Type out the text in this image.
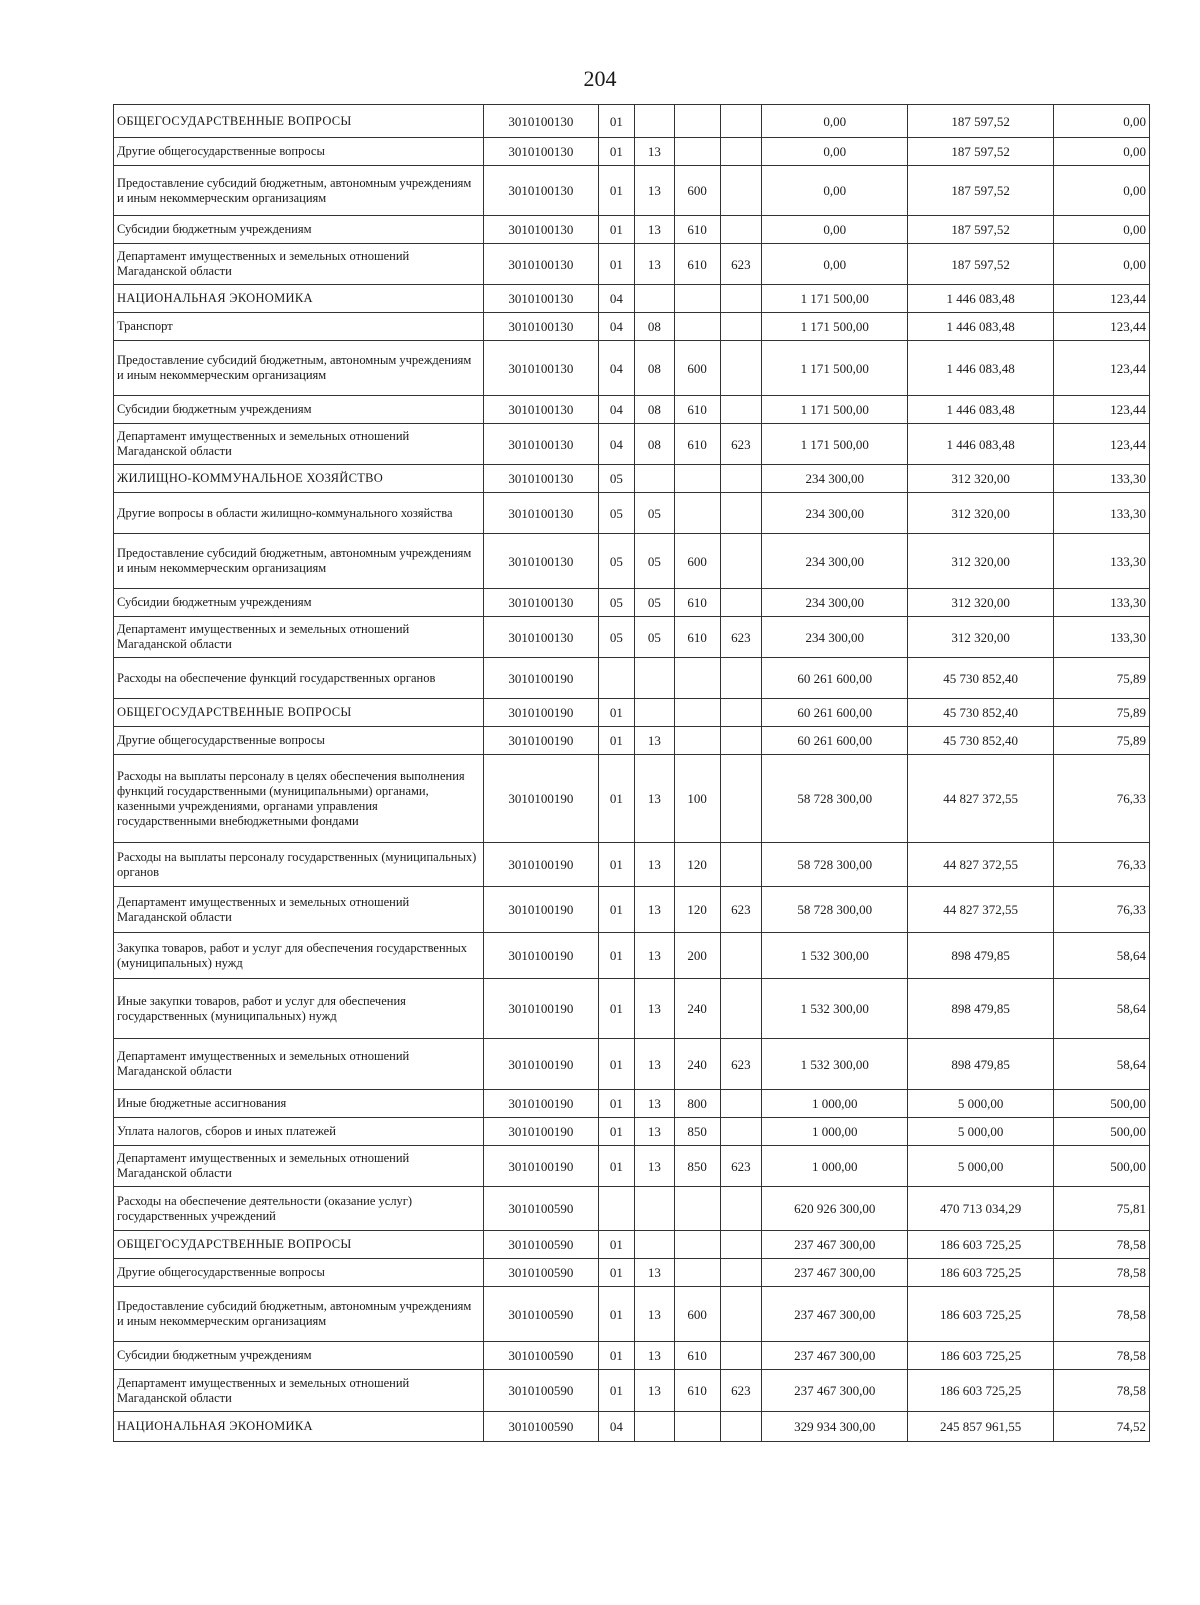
204
ОБЩЕГОСУДАРСТВЕННЫЕ ВОПРОСЫ	3010100130	01				0,00	187 597,52	0,00
Другие общегосударственные вопросы	3010100130	01	13			0,00	187 597,52	0,00
Предоставление субсидий бюджетным, автономным учреждениям и иным некоммерческим организациям	3010100130	01	13	600		0,00	187 597,52	0,00
Субсидии бюджетным учреждениям	3010100130	01	13	610		0,00	187 597,52	0,00
Департамент имущественных и земельных отношений Магаданской области	3010100130	01	13	610	623	0,00	187 597,52	0,00
НАЦИОНАЛЬНАЯ ЭКОНОМИКА	3010100130	04				1 171 500,00	1 446 083,48	123,44
Транспорт	3010100130	04	08			1 171 500,00	1 446 083,48	123,44
Предоставление субсидий бюджетным, автономным учреждениям и иным некоммерческим организациям	3010100130	04	08	600		1 171 500,00	1 446 083,48	123,44
Субсидии бюджетным учреждениям	3010100130	04	08	610		1 171 500,00	1 446 083,48	123,44
Департамент имущественных и земельных отношений Магаданской области	3010100130	04	08	610	623	1 171 500,00	1 446 083,48	123,44
ЖИЛИЩНО-КОММУНАЛЬНОЕ ХОЗЯЙСТВО	3010100130	05				234 300,00	312 320,00	133,30
Другие вопросы в области жилищно-коммунального хозяйства	3010100130	05	05			234 300,00	312 320,00	133,30
Предоставление субсидий бюджетным, автономным учреждениям и иным некоммерческим организациям	3010100130	05	05	600		234 300,00	312 320,00	133,30
Субсидии бюджетным учреждениям	3010100130	05	05	610		234 300,00	312 320,00	133,30
Департамент имущественных и земельных отношений Магаданской области	3010100130	05	05	610	623	234 300,00	312 320,00	133,30
Расходы на обеспечение функций государственных органов	3010100190					60 261 600,00	45 730 852,40	75,89
ОБЩЕГОСУДАРСТВЕННЫЕ ВОПРОСЫ	3010100190	01				60 261 600,00	45 730 852,40	75,89
Другие общегосударственные вопросы	3010100190	01	13			60 261 600,00	45 730 852,40	75,89
Расходы на выплаты персоналу в целях обеспечения выполнения функций государственными (муниципальными) органами, казенными учреждениями, органами управления государственными внебюджетными фондами	3010100190	01	13	100		58 728 300,00	44 827 372,55	76,33
Расходы на выплаты персоналу государственных (муниципальных) органов	3010100190	01	13	120		58 728 300,00	44 827 372,55	76,33
Департамент имущественных и земельных отношений Магаданской области	3010100190	01	13	120	623	58 728 300,00	44 827 372,55	76,33
Закупка товаров, работ и услуг для обеспечения государственных (муниципальных) нужд	3010100190	01	13	200		1 532 300,00	898 479,85	58,64
Иные закупки товаров, работ и услуг для обеспечения государственных (муниципальных) нужд	3010100190	01	13	240		1 532 300,00	898 479,85	58,64
Департамент имущественных и земельных отношений Магаданской области	3010100190	01	13	240	623	1 532 300,00	898 479,85	58,64
Иные бюджетные ассигнования	3010100190	01	13	800		1 000,00	5 000,00	500,00
Уплата налогов, сборов и иных платежей	3010100190	01	13	850		1 000,00	5 000,00	500,00
Департамент имущественных и земельных отношений Магаданской области	3010100190	01	13	850	623	1 000,00	5 000,00	500,00
Расходы на обеспечение деятельности (оказание услуг) государственных учреждений	3010100590					620 926 300,00	470 713 034,29	75,81
ОБЩЕГОСУДАРСТВЕННЫЕ ВОПРОСЫ	3010100590	01				237 467 300,00	186 603 725,25	78,58
Другие общегосударственные вопросы	3010100590	01	13			237 467 300,00	186 603 725,25	78,58
Предоставление субсидий бюджетным, автономным учреждениям и иным некоммерческим организациям	3010100590	01	13	600		237 467 300,00	186 603 725,25	78,58
Субсидии бюджетным учреждениям	3010100590	01	13	610		237 467 300,00	186 603 725,25	78,58
Департамент имущественных и земельных отношений Магаданской области	3010100590	01	13	610	623	237 467 300,00	186 603 725,25	78,58
НАЦИОНАЛЬНАЯ ЭКОНОМИКА	3010100590	04				329 934 300,00	245 857 961,55	74,52
